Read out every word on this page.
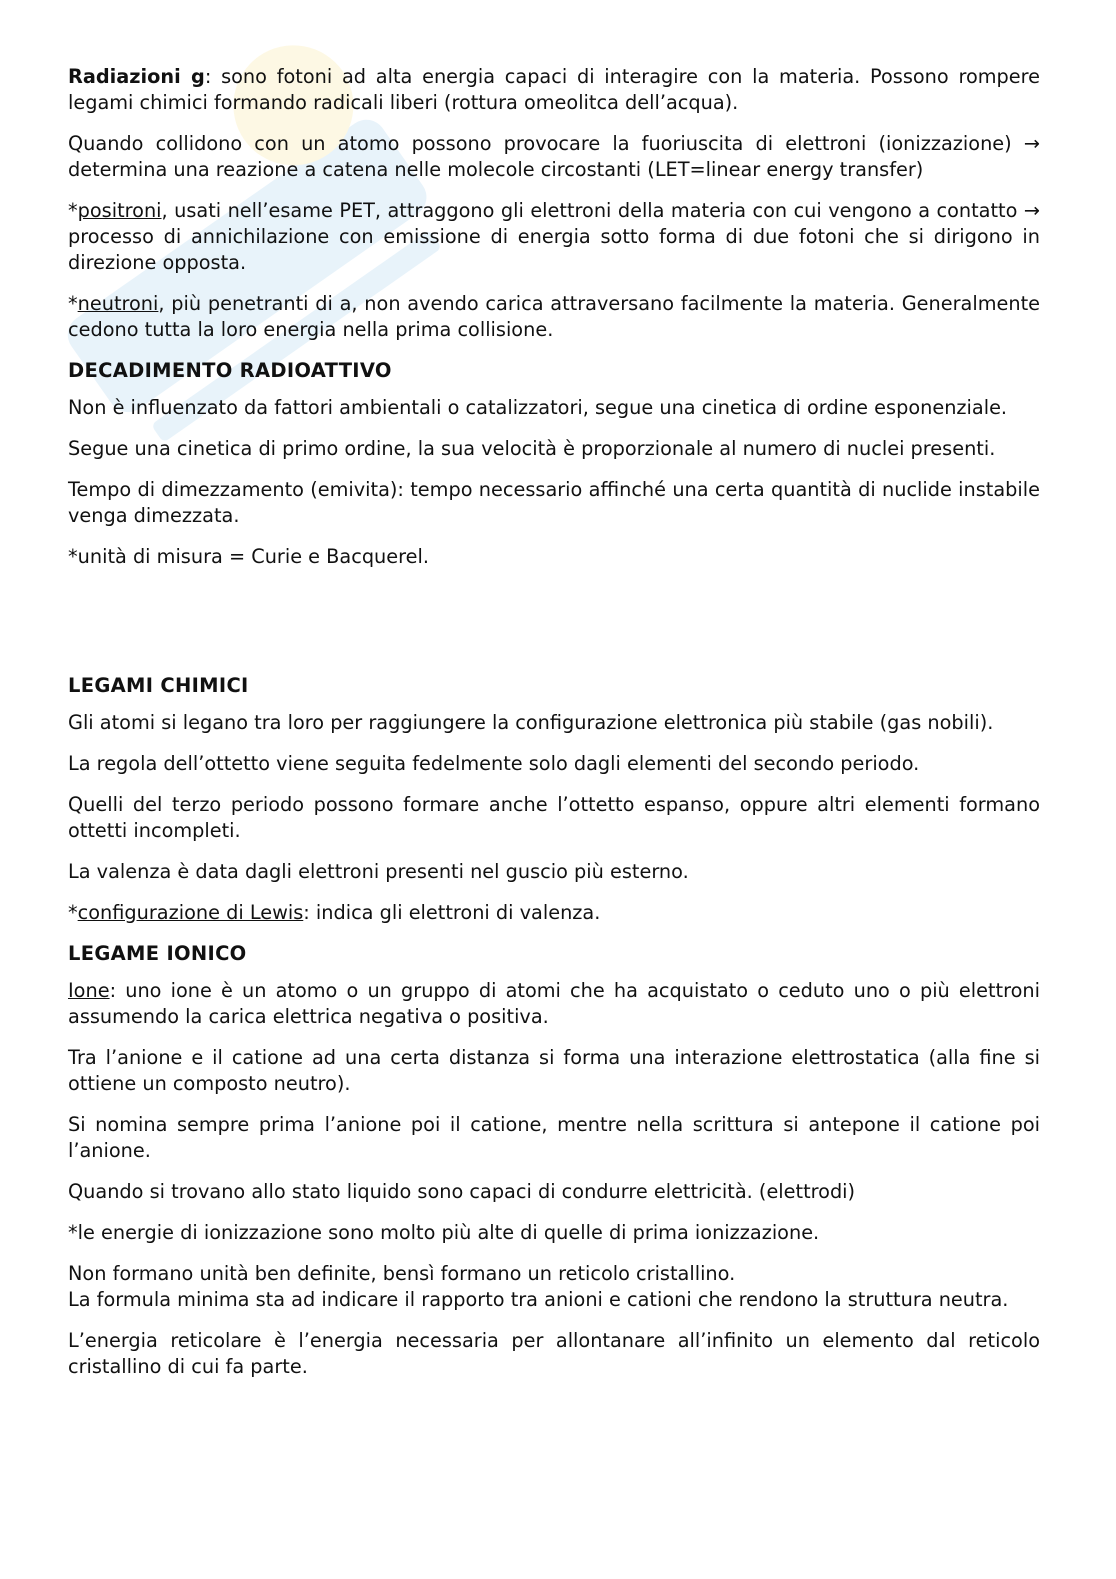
Radiazioni g: sono fotoni ad alta energia capaci di interagire con la materia. Possono rompere legami chimici formando radicali liberi (rottura omeolitca dell’acqua).

Quando collidono con un atomo possono provocare la fuoriuscita di elettroni (ionizzazione) → determina una reazione a catena nelle molecole circostanti (LET=linear energy transfer)

*positroni, usati nell’esame PET, attraggono gli elettroni della materia con cui vengono a contatto → processo di annichilazione con emissione di energia sotto forma di due fotoni che si dirigono in direzione opposta.

*neutroni, più penetranti di a, non avendo carica attraversano facilmente la materia. Generalmente cedono tutta la loro energia nella prima collisione.

DECADIMENTO RADIOATTIVO

Non è influenzato da fattori ambientali o catalizzatori, segue una cinetica di ordine esponenziale.

Segue una cinetica di primo ordine, la sua velocità è proporzionale al numero di nuclei presenti.

Tempo di dimezzamento (emivita): tempo necessario affinché una certa quantità di nuclide instabile venga dimezzata.

*unità di misura = Curie e Bacquerel.

LEGAMI CHIMICI

Gli atomi si legano tra loro per raggiungere la configurazione elettronica più stabile (gas nobili).

La regola dell’ottetto viene seguita fedelmente solo dagli elementi del secondo periodo.

Quelli del terzo periodo possono formare anche l’ottetto espanso, oppure altri elementi formano ottetti incompleti.

La valenza è data dagli elettroni presenti nel guscio più esterno.

*configurazione di Lewis: indica gli elettroni di valenza.

LEGAME IONICO

Ione: uno ione è un atomo o un gruppo di atomi che ha acquistato o ceduto uno o più elettroni assumendo la carica elettrica negativa o positiva.

Tra l’anione e il catione ad una certa distanza si forma una interazione elettrostatica (alla fine si ottiene un composto neutro).

Si nomina sempre prima l’anione poi il catione, mentre nella scrittura si antepone il catione poi l’anione.

Quando si trovano allo stato liquido sono capaci di condurre elettricità. (elettrodi)

*le energie di ionizzazione sono molto più alte di quelle di prima ionizzazione.

Non formano unità ben definite, bensì formano un reticolo cristallino.

La formula minima sta ad indicare il rapporto tra anioni e cationi che rendono la struttura neutra.

L’energia reticolare è l’energia necessaria per allontanare all’infinito un elemento dal reticolo cristallino di cui fa parte.
